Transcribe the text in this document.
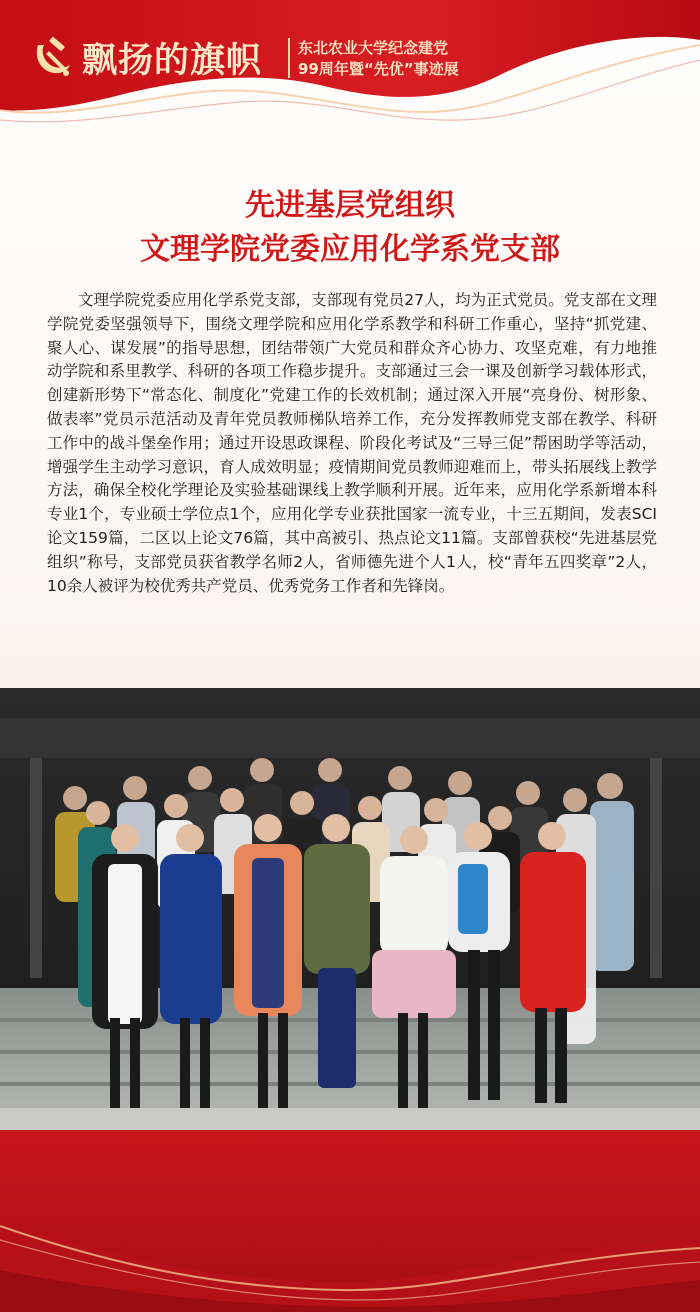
飘扬的旗帜 东北农业大学纪念建党
99周年暨“先优”事迹展
先进基层党组织
文理学院党委应用化学系党支部
文理学院党委应用化学系党支部，支部现有党员27人，均为正式党员。党支部在文理学院党委坚强领导下，围绕文理学院和应用化学系教学和科研工作重心，坚持“抓党建、聚人心、谋发展”的指导思想，团结带领广大党员和群众齐心协力、攻坚克难，有力地推动学院和系里教学、科研的各项工作稳步提升。支部通过三会一课及创新学习载体形式，创建新形势下“常态化、制度化”党建工作的长效机制；通过深入开展“亮身份、树形象、做表率”党员示范活动及青年党员教师梯队培养工作，充分发挥教师党支部在教学、科研工作中的战斗堡垒作用；通过开设思政课程、阶段化考试及“三导三促”帮困助学等活动，增强学生主动学习意识，育人成效明显；疫情期间党员教师迎难而上，带头拓展线上教学方法，确保全校化学理论及实验基础课线上教学顺利开展。近年来，应用化学系新增本科专业1个，专业硕士学位点1个，应用化学专业获批国家一流专业，十三五期间，发表SCI论文159篇，二区以上论文76篇，其中高被引、热点论文11篇。支部曾获校“先进基层党组织”称号，支部党员获省教学名师2人，省师德先进个人1人，校“青年五四奖章”2人，10余人被评为校优秀共产党员、优秀党务工作者和先锋岗。
